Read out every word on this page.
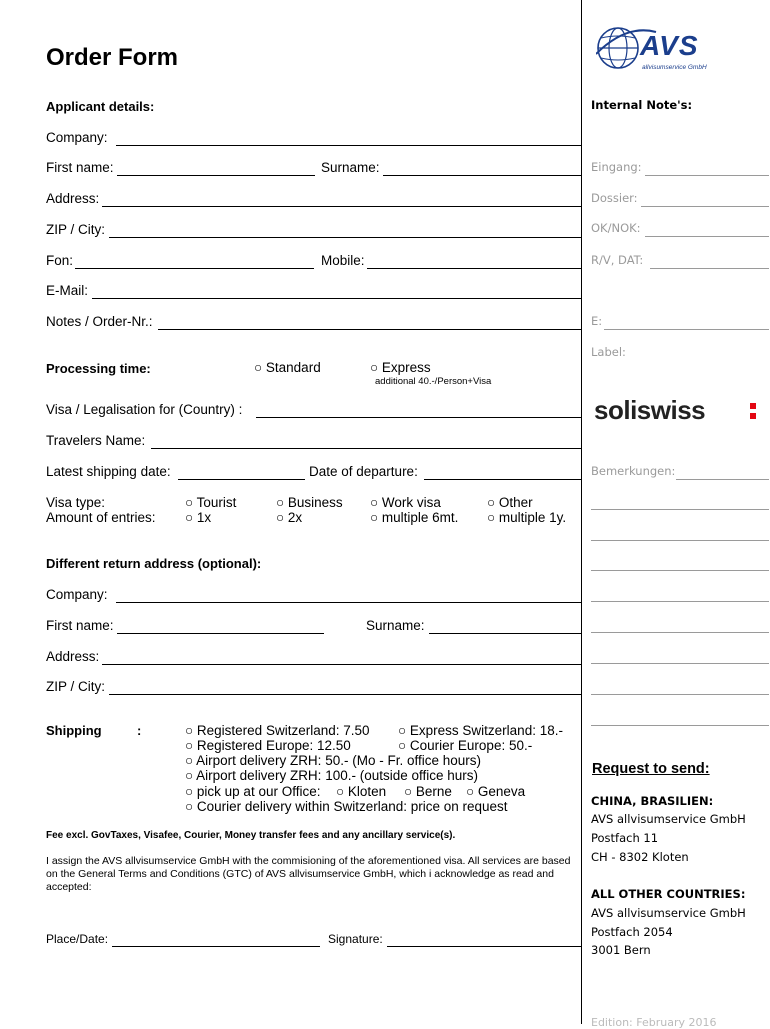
Order Form	AVS
allvisumservice GmbH
Applicant details:
Company:
First name:	Surname:
Address:
ZIP / City:
Fon:	Mobile:
E-Mail:
Notes / Order-Nr.:
Processing time:	○ Standard	○ Express
additional 40.-/Person+Visa
Visa / Legalisation for (Country) :
Travelers Name:
Latest shipping date:	Date of departure:
Visa type:	○ Tourist	○ Business ○ Work visa	○ Other
Amount of entries: ○ 1x	○ 2x	○ multiple 6mt. ○ multiple 1y.
Different return address (optional):
Company:
First name:	Surname:
Address:
ZIP / City:
Shipping	:	○ Registered Switzerland: 7.50 ○ Express Switzerland: 18.-
○ Registered Europe: 12.50	○ Courier Europe: 50.-
○ Airport delivery ZRH: 50.- (Mo - Fr. office hours)
○ Airport delivery ZRH: 100.- (outside office hurs)
○ pick up at our Office: ○ Kloten ○ Berne ○ Geneva
○ Courier delivery within Switzerland: price on request
Fee excl. GovTaxes, Visafee, Courier, Money transfer fees and any ancillary service(s).
I assign the AVS allvisumservice GmbH with the commisioning of the aforementioned visa. All services are based on the General Terms and Conditions (GTC) of AVS allvisumservice GmbH, which i acknowledge as read and accepted:
Place/Date:	Signature:
Internal Note's:
Eingang:
Dossier:
OK/NOK:
R/V, DAT:
E:
Label:
soliswiss
Bemerkungen:
Request to send:
CHINA, BRASILIEN:
AVS allvisumservice GmbH
Postfach 11
CH - 8302 Kloten
ALL OTHER COUNTRIES:
AVS allvisumservice GmbH
Postfach 2054
3001 Bern
Edition: February 2016
